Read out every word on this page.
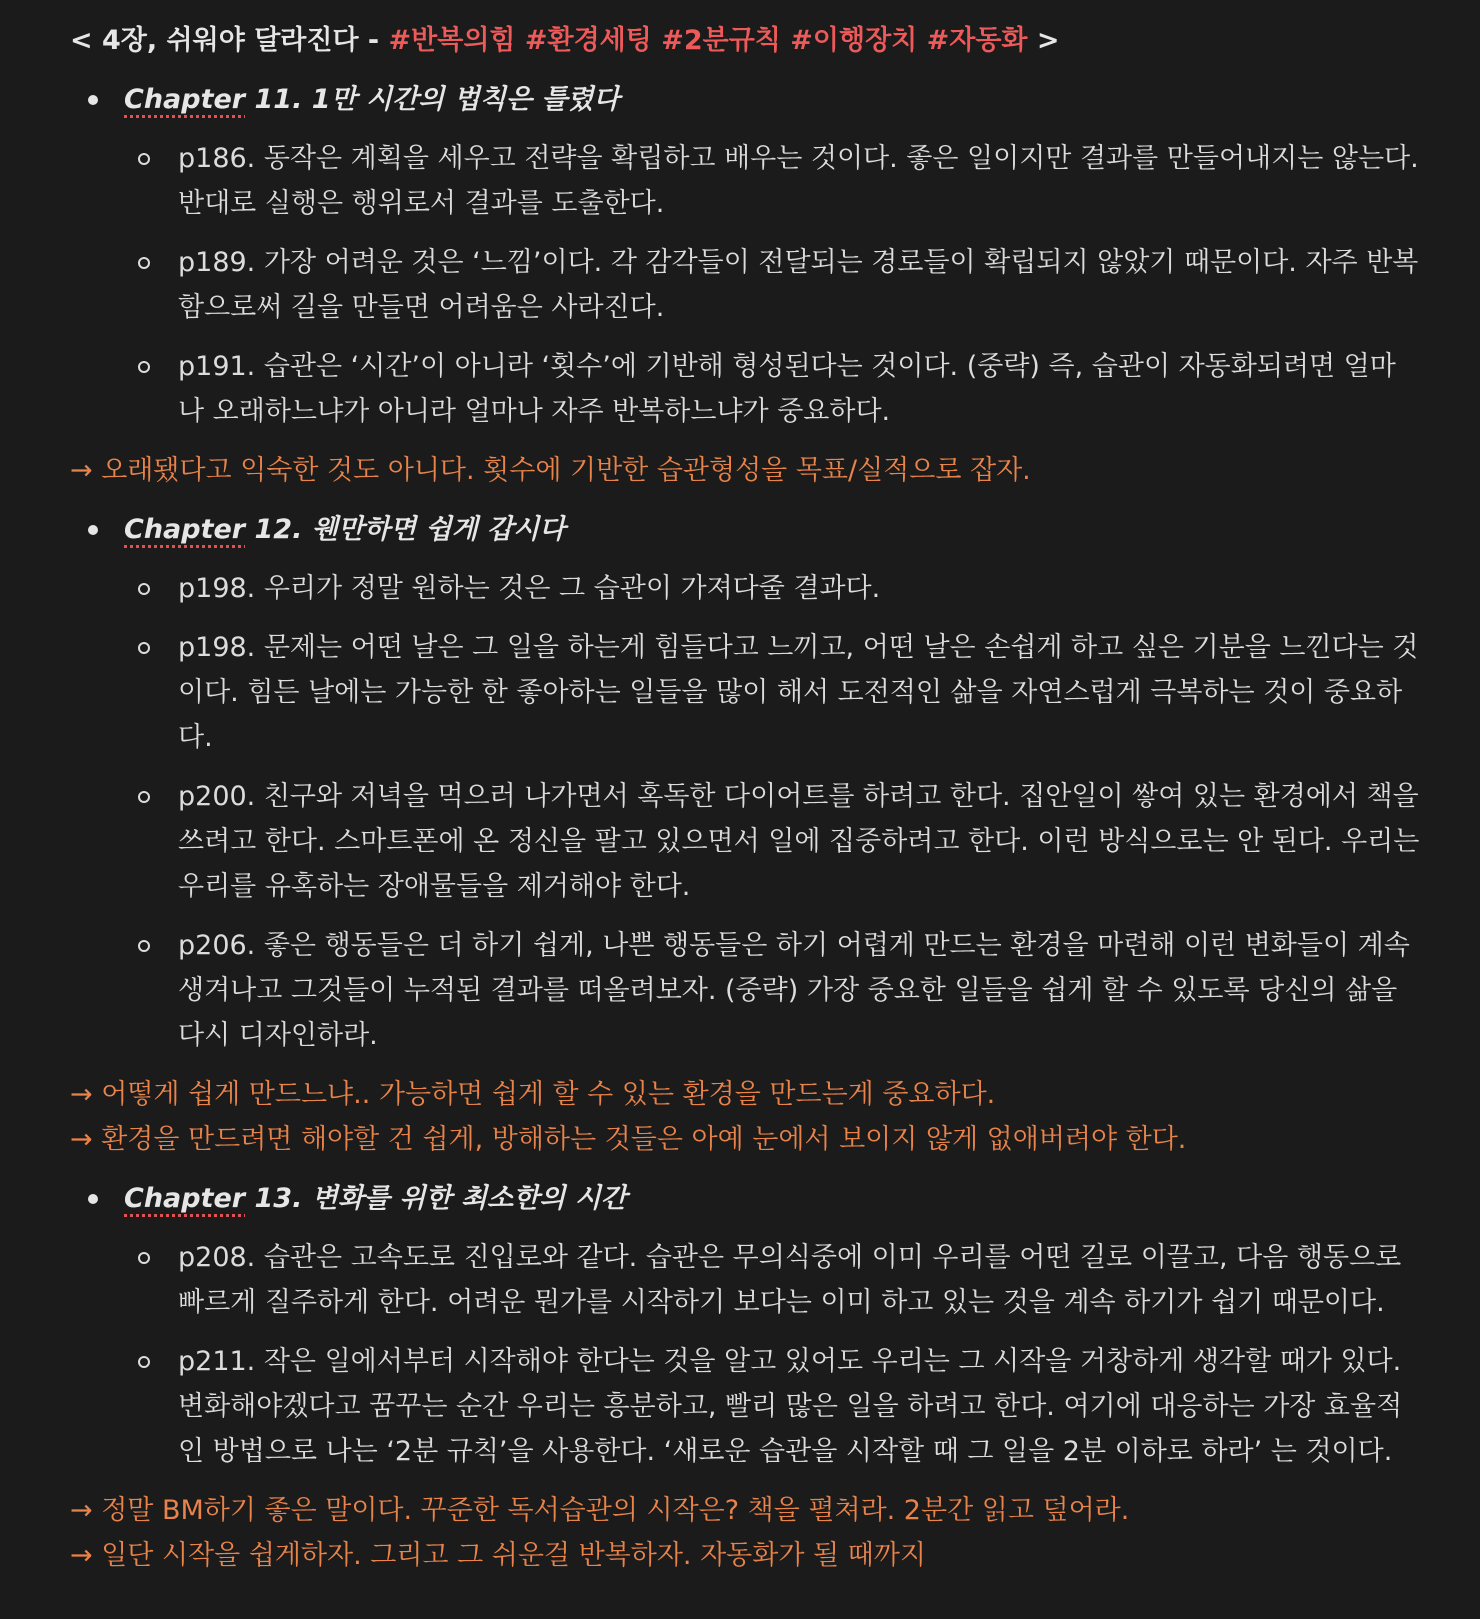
< 4장, 쉬워야 달라진다 - #반복의힘 #환경세팅 #2분규칙 #이행장치 #자동화 >
Chapter 11. 1만 시간의 법칙은 틀렸다
p186. 동작은 계획을 세우고 전략을 확립하고 배우는 것이다. 좋은 일이지만 결과를 만들어내지는 않는다. 반대로 실행은 행위로서 결과를 도출한다.
p189. 가장 어려운 것은 ‘느낌’이다. 각 감각들이 전달되는 경로들이 확립되지 않았기 때문이다. 자주 반복함으로써 길을 만들면 어려움은 사라진다.
p191. 습관은 ‘시간’이 아니라 ‘횟수’에 기반해 형성된다는 것이다. (중략) 즉, 습관이 자동화되려면 얼마나 오래하느냐가 아니라 얼마나 자주 반복하느냐가 중요하다.

→ 오래됐다고 익숙한 것도 아니다. 횟수에 기반한 습관형성을 목표/실적으로 잡자.

Chapter 12. 웬만하면 쉽게 갑시다
p198. 우리가 정말 원하는 것은 그 습관이 가져다줄 결과다.
p198. 문제는 어떤 날은 그 일을 하는게 힘들다고 느끼고, 어떤 날은 손쉽게 하고 싶은 기분을 느낀다는 것이다. 힘든 날에는 가능한 한 좋아하는 일들을 많이 해서 도전적인 삶을 자연스럽게 극복하는 것이 중요하다.
p200. 친구와 저녁을 먹으러 나가면서 혹독한 다이어트를 하려고 한다. 집안일이 쌓여 있는 환경에서 책을 쓰려고 한다. 스마트폰에 온 정신을 팔고 있으면서 일에 집중하려고 한다. 이런 방식으로는 안 된다. 우리는 우리를 유혹하는 장애물들을 제거해야 한다.
p206. 좋은 행동들은 더 하기 쉽게, 나쁜 행동들은 하기 어렵게 만드는 환경을 마련해 이런 변화들이 계속 생겨나고 그것들이 누적된 결과를 떠올려보자. (중략) 가장 중요한 일들을 쉽게 할 수 있도록 당신의 삶을 다시 디자인하라.

→ 어떻게 쉽게 만드느냐.. 가능하면 쉽게 할 수 있는 환경을 만드는게 중요하다.

→ 환경을 만드려면 해야할 건 쉽게, 방해하는 것들은 아예 눈에서 보이지 않게 없애버려야 한다.

Chapter 13. 변화를 위한 최소한의 시간
p208. 습관은 고속도로 진입로와 같다. 습관은 무의식중에 이미 우리를 어떤 길로 이끌고, 다음 행동으로 빠르게 질주하게 한다. 어려운 뭔가를 시작하기 보다는 이미 하고 있는 것을 계속 하기가 쉽기 때문이다.
p211. 작은 일에서부터 시작해야 한다는 것을 알고 있어도 우리는 그 시작을 거창하게 생각할 때가 있다. 변화해야겠다고 꿈꾸는 순간 우리는 흥분하고, 빨리 많은 일을 하려고 한다. 여기에 대응하는 가장 효율적인 방법으로 나는 ‘2분 규칙’을 사용한다. ‘새로운 습관을 시작할 때 그 일을 2분 이하로 하라’ 는 것이다.

→ 정말 BM하기 좋은 말이다. 꾸준한 독서습관의 시작은? 책을 펼쳐라. 2분간 읽고 덮어라.

→ 일단 시작을 쉽게하자. 그리고 그 쉬운걸 반복하자. 자동화가 될 때까지
